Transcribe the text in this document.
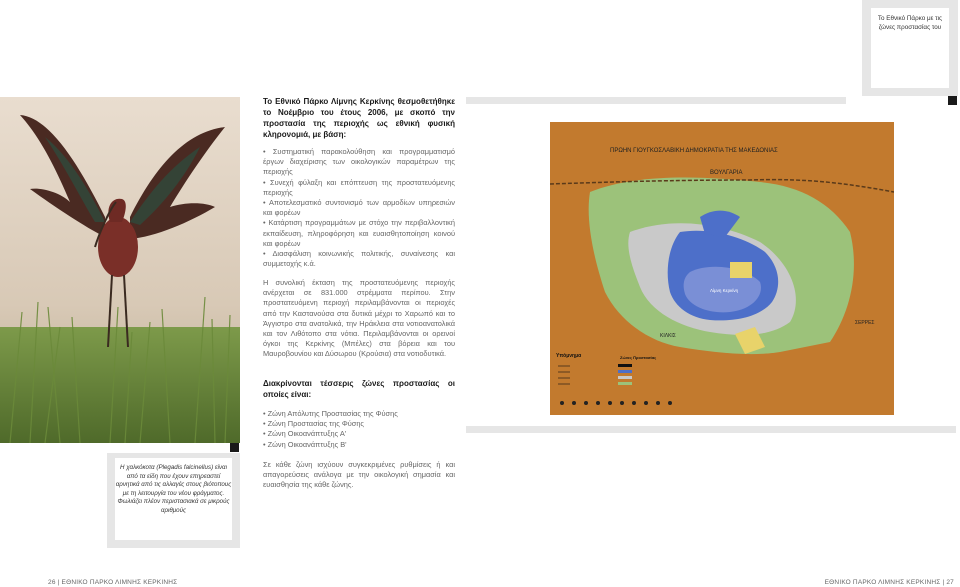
Το Εθνικό Πάρκο με τις ζώνες προστασίας του
Η χαλκόκοτα (Plegadis falcinellus) είναι από τα είδη που έχουν επηρεαστεί αρνητικά από τις αλλαγές στους βιότοπους με τη λειτουργία του νέου φράγματος. Φωλιάζει πλέον περιστασιακά σε μικρούς αριθμούς
Το Εθνικό Πάρκο Λίμνης Κερκίνης θεσμοθετήθηκε το Νοέμβριο του έτους 2006, με σκοπό την προστασία της περιοχής ως εθνική φυσική κληρονομιά, με βάση:

• Συστηματική παρακολούθηση και προγραμματισμό έργων διαχείρισης των οικολογικών παραμέτρων της περιοχής

• Συνεχή φύλαξη και επόπτευση της προστατευόμενης περιοχής

• Αποτελεσματικό συντονισμό των αρμοδίων υπηρεσιών και φορέων

• Κατάρτιση προγραμμάτων με στόχο την περιβαλλοντική εκπαίδευση, πληροφόρηση και ευαισθητοποίηση κοινού και φορέων

• Διασφάλιση κοινωνικής πολιτικής, συναίνεσης και συμμετοχής κ.ά.

Η συνολική έκταση της προστατευόμενης περιοχής ανέρχεται σε 831.000 στρέμματα περίπου. Στην προστατευόμενη περιοχή περιλαμβάνονται οι περιοχές από την Καστανούσα στα δυτικά μέχρι το Χαρωπό και το Άγγιστρο στα ανατολικά, την Ηράκλεια στα νοτιοανατολικά και τον Λιθότοπο στα νότια. Περιλαμβάνονται οι ορεινοί όγκοι της Κερκίνης (Μπέλες) στα βόρεια και του Μαυροβουνίου και Δύσωρου (Κρούσια) στα νοτιοδυτικά.
Διακρίνονται τέσσερις ζώνες προστασίας οι οποίες είναι:

• Ζώνη Απόλυτης Προστασίας της Φύσης

• Ζώνη Προστασίας της Φύσης

• Ζώνη Οικοανάπτυξης Α'

• Ζώνη Οικοανάπτυξης Β'

Σε κάθε ζώνη ισχύουν συγκεκριμένες ρυθμίσεις ή και απαγορεύσεις ανάλογα με την οικολογική σημασία και ευαισθησία της κάθε ζώνης.
ΠΡΩΗΝ ΓΙΟΥΓΚΟΣΛΑΒΙΚΗ ΔΗΜΟΚΡΑΤΙΑ ΤΗΣ ΜΑΚΕΔΟΝΙΑΣ
ΒΟΥΛΓΑΡΙΑ
Λίμνη Κερκίνη
ΚΙΛΚΙΣ
ΣΕΡΡΕΣ
Υπόμνημα	Ζώνες Προστασίας
26 | ΕΘΝΙΚΟ ΠΑΡΚΟ ΛΙΜΝΗΣ ΚΕΡΚΙΝΗΣ	ΕΘΝΙΚΟ ΠΑΡΚΟ ΛΙΜΝΗΣ ΚΕΡΚΙΝΗΣ | 27
